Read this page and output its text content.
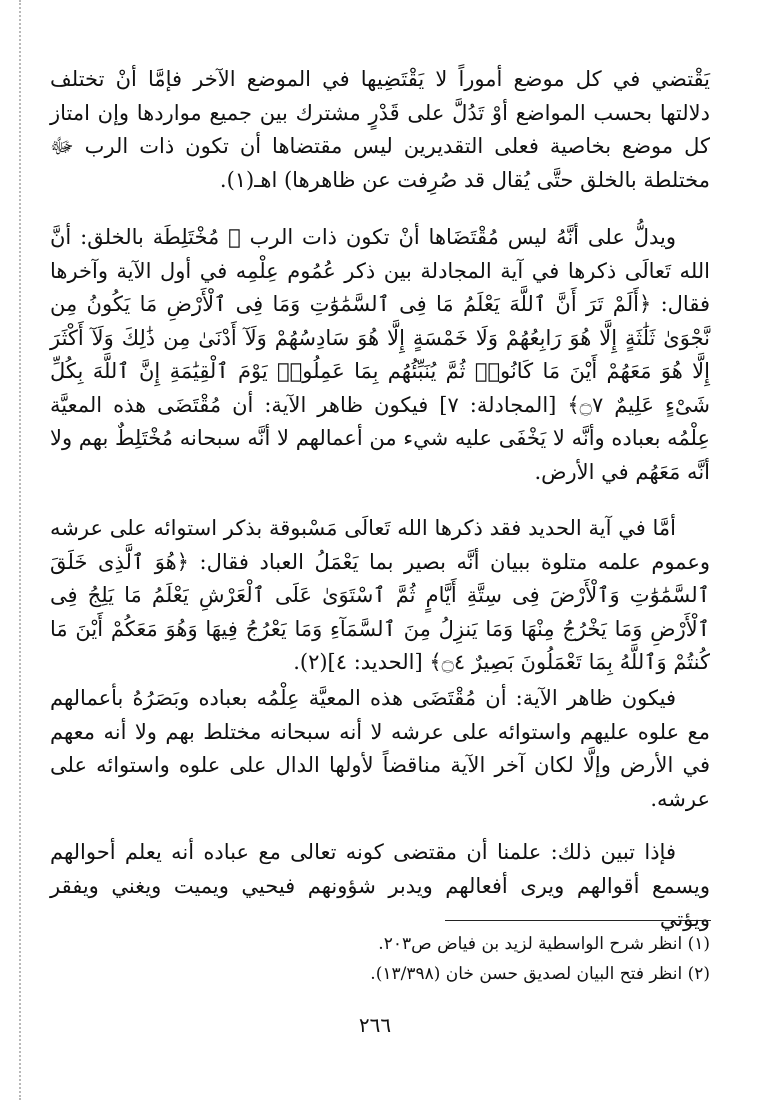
يَقْتضي في كل موضع أموراً لا يَقْتَضِيها في الموضع الآخر فإمَّا أنْ تختلف دلالتها بحسب المواضع أوْ تَدُلَّ على قَدْرٍ مشترك بين جميع مواردها وإن امتاز كل موضع بخاصية فعلى التقديرين ليس مقتضاها أن تكون ذات الرب ﷻ مختلطة بالخلق حتَّى يُقال قد صُرِفت عن ظاهرها) اهـ(١).

ويدلُّ على أنَّهُ ليس مُقْتَضَاها أنْ تكون ذات الرب ﷻ مُخْتَلِطَة بالخلق: أنَّ الله تَعالَى ذكرها في آية المجادلة بين ذكر عُمُوم عِلْمِه في أول الآية وآخرها فقال: ﴿أَلَمْ تَرَ أَنَّ ٱللَّهَ يَعْلَمُ مَا فِى ٱلسَّمَٰوَٰتِ وَمَا فِى ٱلْأَرْضِ مَا يَكُونُ مِن نَّجْوَىٰ ثَلَٰثَةٍ إِلَّا هُوَ رَابِعُهُمْ وَلَا خَمْسَةٍ إِلَّا هُوَ سَادِسُهُمْ وَلَآ أَدْنَىٰ مِن ذَٰلِكَ وَلَآ أَكْثَرَ إِلَّا هُوَ مَعَهُمْ أَيْنَ مَا كَانُوا۟ ثُمَّ يُنَبِّئُهُم بِمَا عَمِلُوا۟ يَوْمَ ٱلْقِيَٰمَةِ إِنَّ ٱللَّهَ بِكُلِّ شَىْءٍ عَلِيمٌ ۝٧﴾ [المجادلة: ٧] فيكون ظاهر الآية: أن مُقْتَضَى هذه المعيَّة عِلْمُه بعباده وأنَّه لا يَخْفَى عليه شيء من أعمالهم لا أنَّه سبحانه مُخْتَلِطٌ بهم ولا أنَّه مَعَهُم في الأرض.

أمَّا في آية الحديد فقد ذكرها الله تَعالَى مَسْبوقة بذكر استوائه على عرشه وعموم علمه متلوة ببيان أنَّه بصير بما يَعْمَلُ العباد فقال: ﴿هُوَ ٱلَّذِى خَلَقَ ٱلسَّمَٰوَٰتِ وَٱلْأَرْضَ فِى سِتَّةِ أَيَّامٍ ثُمَّ ٱسْتَوَىٰ عَلَى ٱلْعَرْشِ يَعْلَمُ مَا يَلِجُ فِى ٱلْأَرْضِ وَمَا يَخْرُجُ مِنْهَا وَمَا يَنزِلُ مِنَ ٱلسَّمَآءِ وَمَا يَعْرُجُ فِيهَا وَهُوَ مَعَكُمْ أَيْنَ مَا كُنتُمْ وَٱللَّهُ بِمَا تَعْمَلُونَ بَصِيرٌ ۝٤﴾ [الحديد: ٤](٢).

فيكون ظاهر الآية: أن مُقْتَضَى هذه المعيَّة عِلْمُه بعباده وبَصَرُهُ بأعمالهم مع علوه عليهم واستوائه على عرشه لا أنه سبحانه مختلط بهم ولا أنه معهم في الأرض وإلَّا لكان آخر الآية مناقضاً لأولها الدال على علوه واستوائه على عرشه.

فإذا تبين ذلك: علمنا أن مقتضى كونه تعالى مع عباده أنه يعلم أحوالهم ويسمع أقوالهم ويرى أفعالهم ويدبر شؤونهم فيحيي ويميت ويغني ويفقر ويؤتي

(١) انظر شرح الواسطية لزيد بن فياض ص٢٠٣.
(٢) انظر فتح البيان لصديق حسن خان (١٣/٣٩٨).
٢٦٦
